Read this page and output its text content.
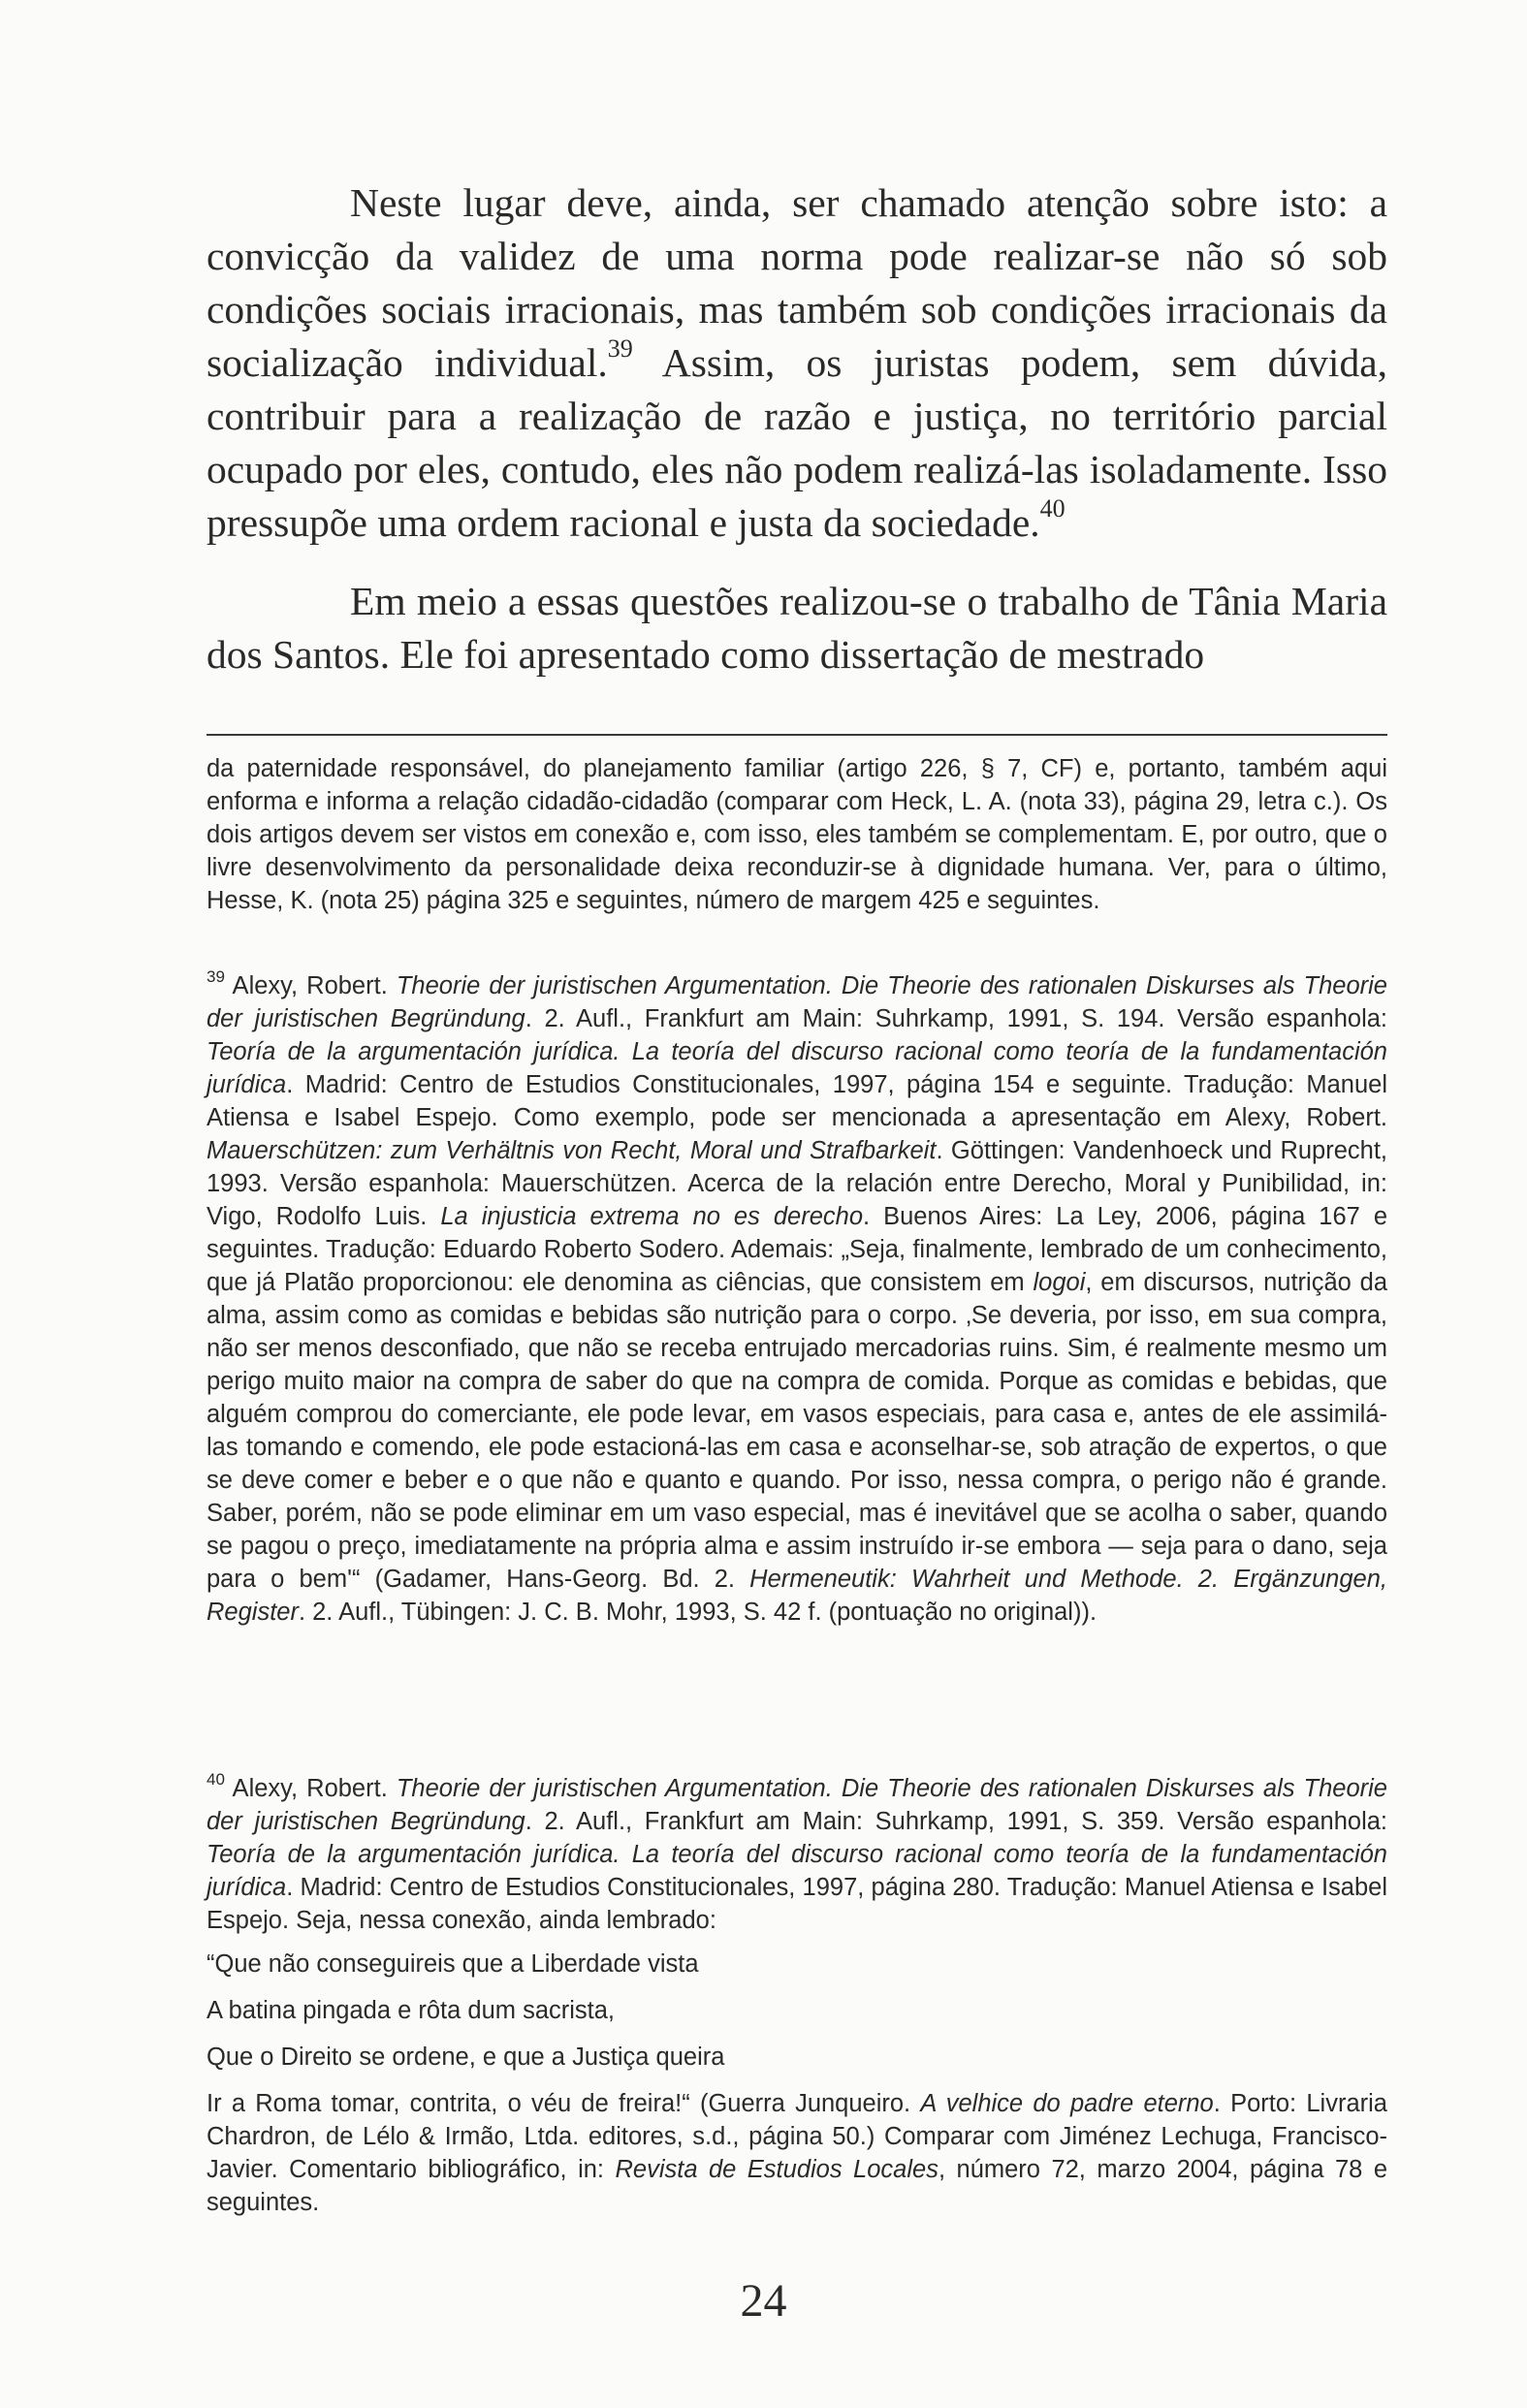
Neste lugar deve, ainda, ser chamado atenção sobre isto: a convicção da validez de uma norma pode realizar-se não só sob condições sociais irracionais, mas também sob condições irracionais da socialização individual.$^{39}$ Assim, os juristas podem, sem dúvida, contribuir para a realização de razão e justiça, no território parcial ocupado por eles, contudo, eles não podem realizá-las isoladamente. Isso pressupõe uma ordem racional e justa da sociedade.$^{40}$

Em meio a essas questões realizou-se o trabalho de Tânia Maria dos Santos. Ele foi apresentado como dissertação de mestrado

da paternidade responsável, do planejamento familiar (artigo 226, § 7, CF) e, portanto, também aqui enforma e informa a relação cidadão-cidadão (comparar com Heck, L. A. (nota 33), página 29, letra c.). Os dois artigos devem ser vistos em conexão e, com isso, eles também se complementam. E, por outro, que o livre desenvolvimento da personalidade deixa reconduzir-se à dignidade humana. Ver, para o último, Hesse, K. (nota 25) página 325 e seguintes, número de margem 425 e seguintes.

$^{39}$ Alexy, Robert. Theorie der juristischen Argumentation. Die Theorie des rationalen Diskurses als Theorie der juristischen Begründung. 2. Aufl., Frankfurt am Main: Suhrkamp, 1991, S. 194. Versão espanhola: Teoría de la argumentación jurídica. La teoría del discurso racional como teoría de la fundamentación jurídica. Madrid: Centro de Estudios Constitucionales, 1997, página 154 e seguinte. Tradução: Manuel Atiensa e Isabel Espejo. Como exemplo, pode ser mencionada a apresentação em Alexy, Robert. Mauerschützen: zum Verhältnis von Recht, Moral und Strafbarkeit. Göttingen: Vandenhoeck und Ruprecht, 1993. Versão espanhola: Mauerschützen. Acerca de la relación entre Derecho, Moral y Punibilidad, in: Vigo, Rodolfo Luis. La injusticia extrema no es derecho. Buenos Aires: La Ley, 2006, página 167 e seguintes. Tradução: Eduardo Roberto Sodero. Ademais: „Seja, finalmente, lembrado de um conhecimento, que já Platão proporcionou: ele denomina as ciências, que consistem em logoi, em discursos, nutrição da alma, assim como as comidas e bebidas são nutrição para o corpo. ‚Se deveria, por isso, em sua compra, não ser menos desconfiado, que não se receba entrujado mercadorias ruins. Sim, é realmente mesmo um perigo muito maior na compra de saber do que na compra de comida. Porque as comidas e bebidas, que alguém comprou do comerciante, ele pode levar, em vasos especiais, para casa e, antes de ele assimilá-las tomando e comendo, ele pode estacioná-las em casa e aconselhar-se, sob atração de expertos, o que se deve comer e beber e o que não e quanto e quando. Por isso, nessa compra, o perigo não é grande. Saber, porém, não se pode eliminar em um vaso especial, mas é inevitável que se acolha o saber, quando se pagou o preço, imediatamente na própria alma e assim instruído ir-se embora — seja para o dano, seja para o bem'“ (Gadamer, Hans-Georg. Bd. 2. Hermeneutik: Wahrheit und Methode. 2. Ergänzungen, Register. 2. Aufl., Tübingen: J. C. B. Mohr, 1993, S. 42 f. (pontuação no original)).

$^{40}$ Alexy, Robert. Theorie der juristischen Argumentation. Die Theorie des rationalen Diskurses als Theorie der juristischen Begründung. 2. Aufl., Frankfurt am Main: Suhrkamp, 1991, S. 359. Versão espanhola: Teoría de la argumentación jurídica. La teoría del discurso racional como teoría de la fundamentación jurídica. Madrid: Centro de Estudios Constitucionales, 1997, página 280. Tradução: Manuel Atiensa e Isabel Espejo. Seja, nessa conexão, ainda lembrado:

“Que não conseguireis que a Liberdade vista

A batina pingada e rôta dum sacrista,

Que o Direito se ordene, e que a Justiça queira

Ir a Roma tomar, contrita, o véu de freira!“ (Guerra Junqueiro. A velhice do padre eterno. Porto: Livraria Chardron, de Lélo & Irmão, Ltda. editores, s.d., página 50.) Comparar com Jiménez Lechuga, Francisco-Javier. Comentario bibliográfico, in: Revista de Estudios Locales, número 72, marzo 2004, página 78 e seguintes.

24
